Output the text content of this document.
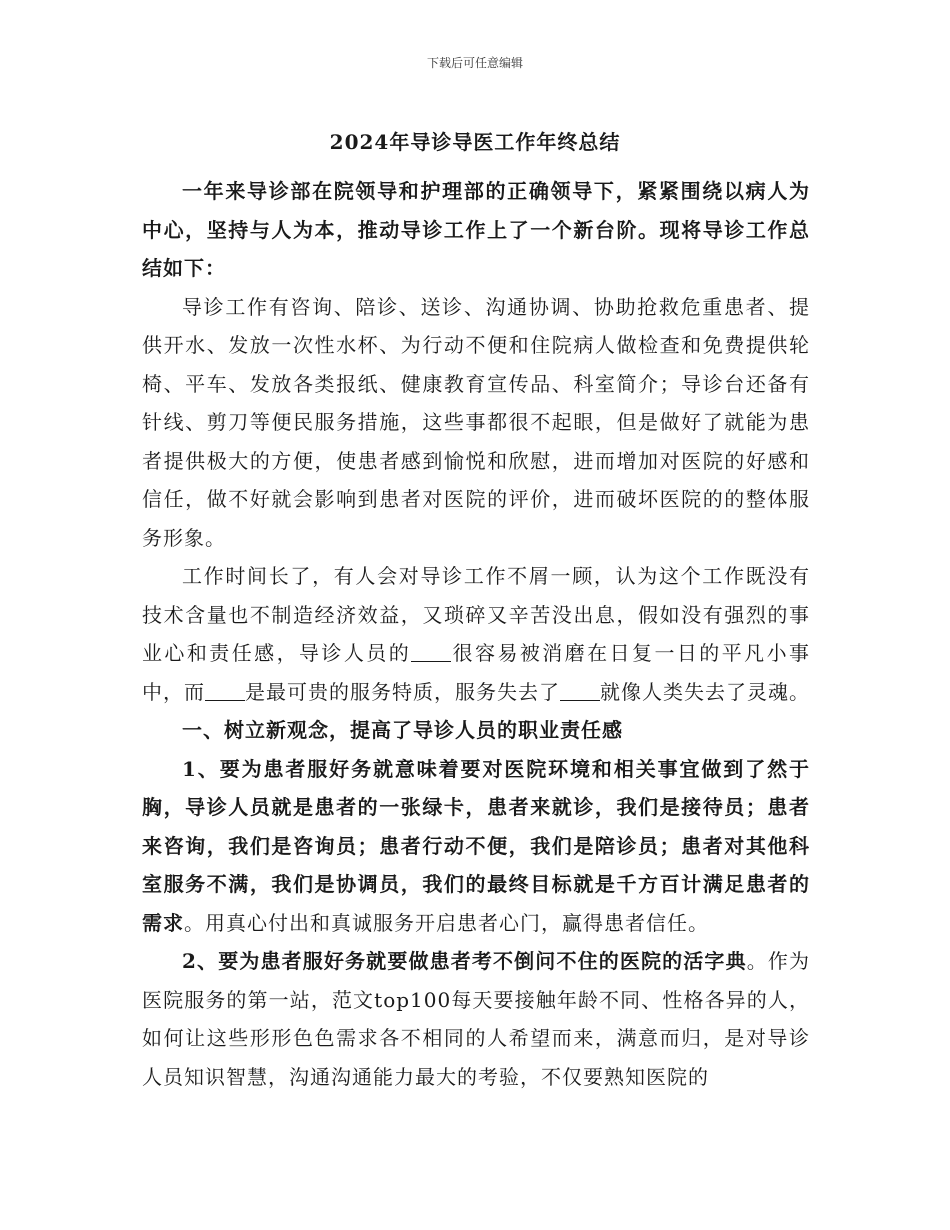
下载后可任意编辑
2024年导诊导医工作年终总结

一年来导诊部在院领导和护理部的正确领导下，紧紧围绕以病人为中心，坚持与人为本，推动导诊工作上了一个新台阶。现将导诊工作总结如下：

导诊工作有咨询、陪诊、送诊、沟通协调、协助抢救危重患者、提供开水、发放一次性水杯、为行动不便和住院病人做检查和免费提供轮椅、平车、发放各类报纸、健康教育宣传品、科室简介；导诊台还备有针线、剪刀等便民服务措施，这些事都很不起眼，但是做好了就能为患者提供极大的方便，使患者感到愉悦和欣慰，进而增加对医院的好感和信任，做不好就会影响到患者对医院的评价，进而破坏医院的的整体服务形象。

工作时间长了，有人会对导诊工作不屑一顾，认为这个工作既没有技术含量也不制造经济效益，又琐碎又辛苦没出息，假如没有强烈的事业心和责任感，导诊人员的 很容易被消磨在日复一日的平凡小事中，而 是最可贵的服务特质，服务失去了 就像人类失去了灵魂。

一、树立新观念，提高了导诊人员的职业责任感

1、要为患者服好务就意味着要对医院环境和相关事宜做到了然于胸，导诊人员就是患者的一张绿卡，患者来就诊，我们是接待员；患者来咨询，我们是咨询员；患者行动不便，我们是陪诊员；患者对其他科室服务不满，我们是协调员，我们的最终目标就是千方百计满足患者的需求。用真心付出和真诚服务开启患者心门，赢得患者信任。

2、要为患者服好务就要做患者考不倒问不住的医院的活字典。作为医院服务的第一站，范文top100每天要接触年龄不同、性格各异的人，如何让这些形形色色需求各不相同的人希望而来，满意而归，是对导诊人员知识智慧，沟通沟通能力最大的考验，不仅要熟知医院的
